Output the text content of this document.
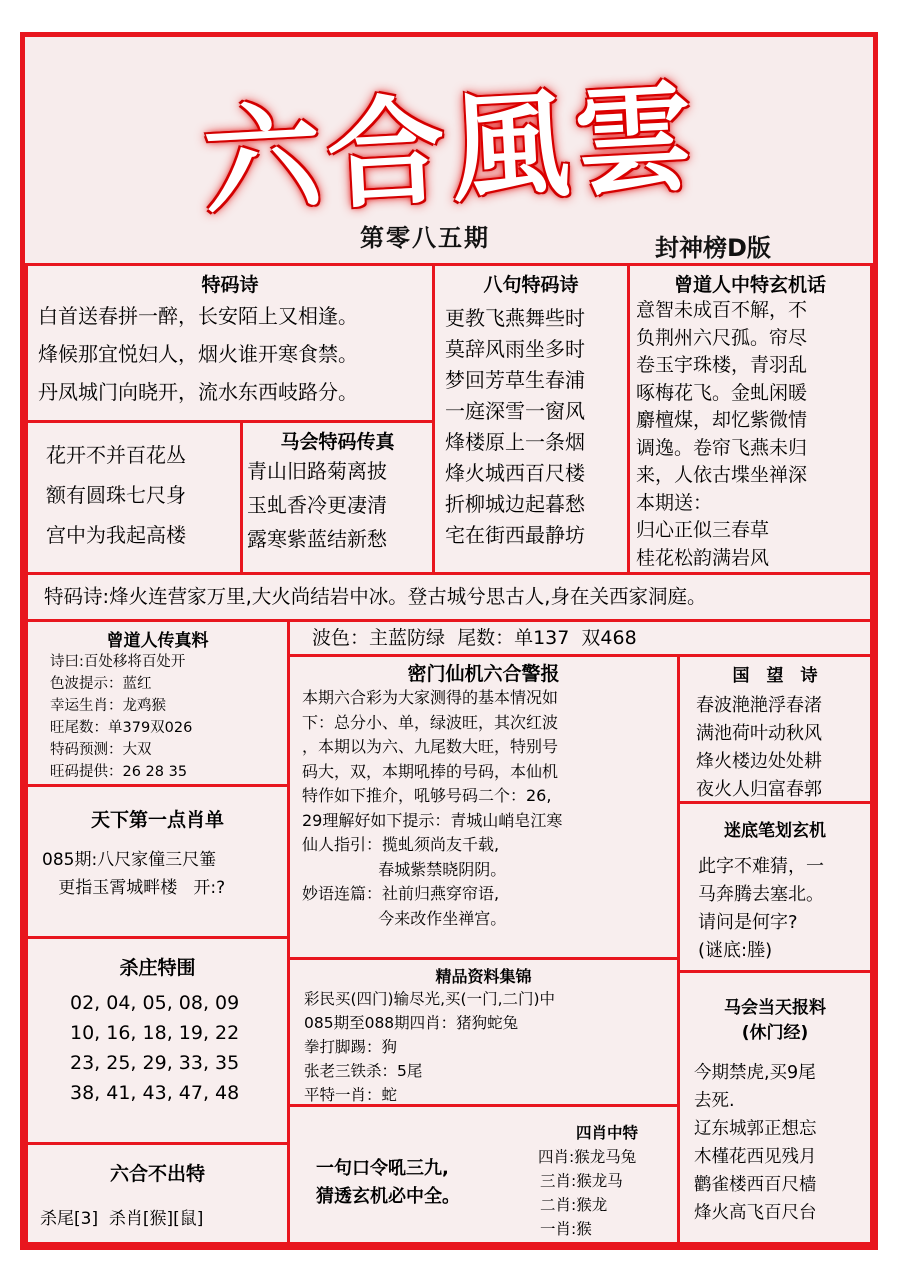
六合風雲
第零八五期	封神榜D版
特码诗
白首送春拼一醉，长安陌上又相逢。
烽候那宜悦妇人，烟火谁开寒食禁。
丹凤城门向晓开，流水东西岐路分。
八句特码诗
更教飞燕舞些时
莫辞风雨坐多时
梦回芳草生春浦
一庭深雪一窗风
烽楼原上一条烟
烽火城西百尺楼
折柳城边起暮愁
宅在街西最静坊
曾道人中特玄机话
意智未成百不解，不
负荆州六尺孤。帘尽
卷玉宇珠楼，青羽乱
啄梅花飞。金虬闲暖
麝檀煤，却忆紫微情
调逸。卷帘飞燕未归
来，人依古堞坐禅深
本期送：
归心正似三春草
桂花松韵满岩风
花开不并百花丛
额有圆珠七尺身
宫中为我起高楼
马会特码传真
青山旧路菊离披
玉虬香冷更凄清
露寒紫蓝结新愁
特码诗:烽火连营家万里,大火尚结岩中冰。登古城兮思古人,身在关西家洞庭。
曾道人传真料
诗曰:百处移将百处开
色波提示：蓝红
幸运生肖：龙鸡猴
旺尾数：单379双026
特码预测：大双
旺码提供：26 28 35
天下第一点肖单
085期:八尺家僮三尺箠
更指玉霄城畔楼   开:?
杀庄特围
02, 04, 05, 08, 09
10, 16, 18, 19, 22
23, 25, 29, 33, 35
38, 41, 43, 47, 48
六合不出特
杀尾[3]  杀肖[猴][鼠]
波色：主蓝防绿  尾数：单137  双468
密门仙机六合警报
本期六合彩为大家测得的基本情况如
下：总分小、单，绿波旺，其次红波
，本期以为六、九尾数大旺，特别号
码大，双，本期吼捧的号码，本仙机
特作如下推介，吼够号码二个：26,
29理解好如下提示：青城山峭皂江寒
仙人指引：揽虬须尚友千载,
春城紫禁晓阴阴。
妙语连篇：社前归燕穿帘语,
今来改作坐禅宫。
精品资料集锦
彩民买(四门)输尽光,买(一门,二门)中
085期至088期四肖：猪狗蛇兔
拳打脚踢：狗
张老三铁杀：5尾
平特一肖：蛇
一句口令吼三九,
猜透玄机必中全。
四肖中特
四肖:猴龙马兔
三肖:猴龙马
二肖:猴龙
一肖:猴
国　望　诗
春波滟滟浮春渚
满池荷叶动秋风
烽火楼边处处耕
夜火人归富春郭
迷底笔划玄机
此字不难猜，一
马奔腾去塞北。
请问是何字?
(谜底:塍)
马会当天报料
(休门经)
今期禁虎,买9尾
去死.
辽东城郭正想忘
木槿花西见残月
鹳雀楼西百尺樯
烽火高飞百尺台
